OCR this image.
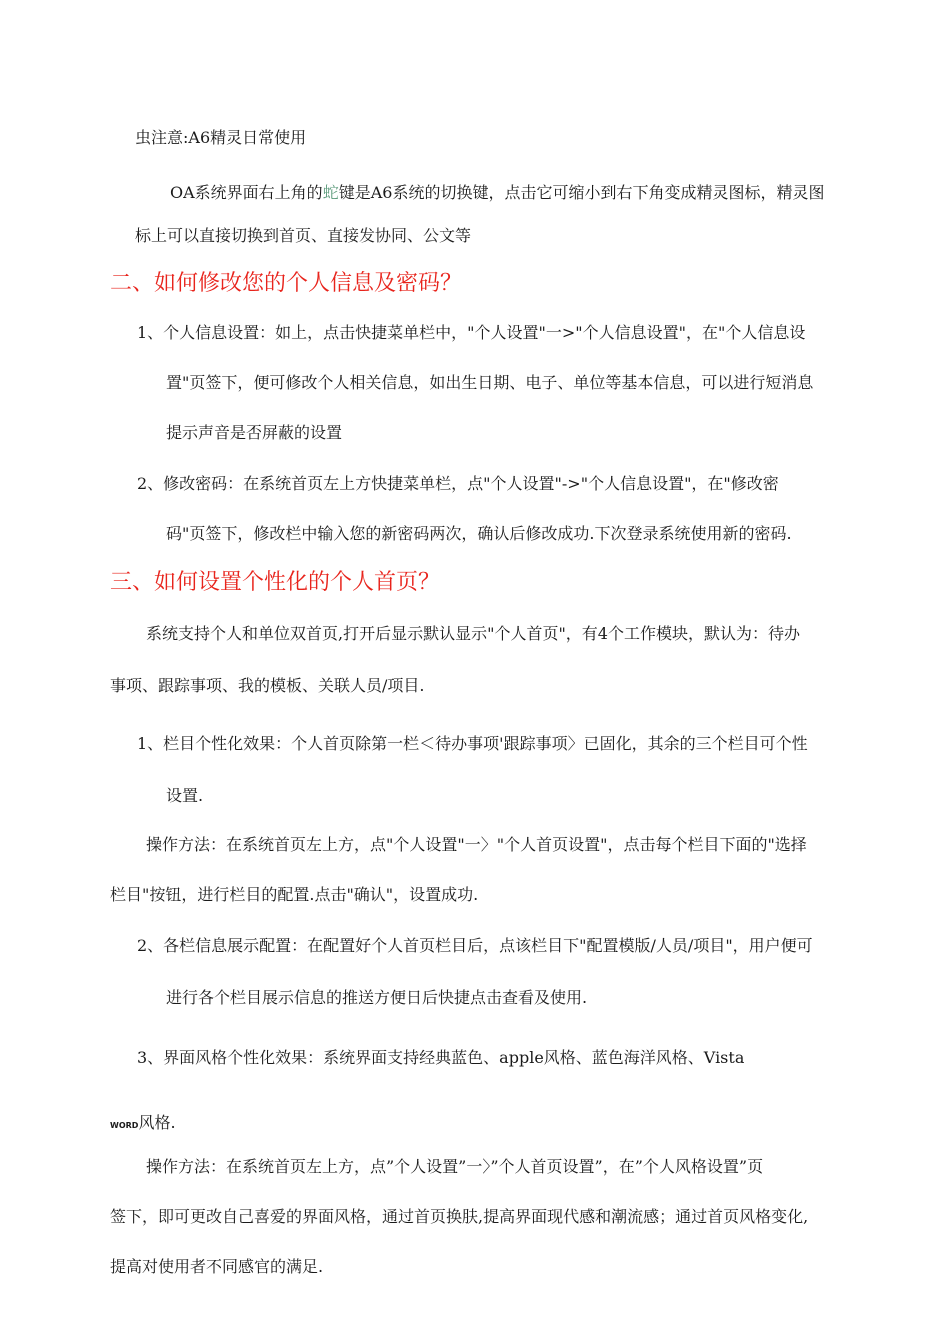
虫注意:A6精灵日常使用
OA系统界面右上角的蛇键是A6系统的切换键，点击它可缩小到右下角变成精灵图标，精灵图
标上可以直接切换到首页、直接发协同、公文等
二、如何修改您的个人信息及密码？
1、个人信息设置：如上，点击快捷菜单栏中，"个人设置"一>"个人信息设置"，在"个人信息设
置"页签下，便可修改个人相关信息，如出生日期、电子、单位等基本信息，可以进行短消息
提示声音是否屏蔽的设置
2、修改密码：在系统首页左上方快捷菜单栏，点"个人设置"->"个人信息设置"，在"修改密
码"页签下，修改栏中输入您的新密码两次，确认后修改成功.下次登录系统使用新的密码.
三、如何设置个性化的个人首页？
系统支持个人和单位双首页,打开后显示默认显示"个人首页"，有4个工作模块，默认为：待办
事项、跟踪事项、我的模板、关联人员/项目.
1、栏目个性化效果：个人首页除第一栏＜待办事项'跟踪事项〉已固化，其余的三个栏目可个性
设置.
操作方法：在系统首页左上方，点"个人设置"一〉"个人首页设置"，点击每个栏目下面的"选择
栏目"按钮，进行栏目的配置.点击"确认"，设置成功.
2、各栏信息展示配置：在配置好个人首页栏目后，点该栏目下"配置模版/人员/项目"，用户便可
进行各个栏目展示信息的推送方便日后快捷点击查看及使用.
3、界面风格个性化效果：系统界面支持经典蓝色、apple风格、蓝色海洋风格、Vista
WORD风格.
操作方法：在系统首页左上方，点”个人设置”一〉”个人首页设置”，在”个人风格设置”页
签下，即可更改自己喜爱的界面风格，通过首页换肤,提高界面现代感和潮流感；通过首页风格变化,
提高对使用者不同感官的满足.
